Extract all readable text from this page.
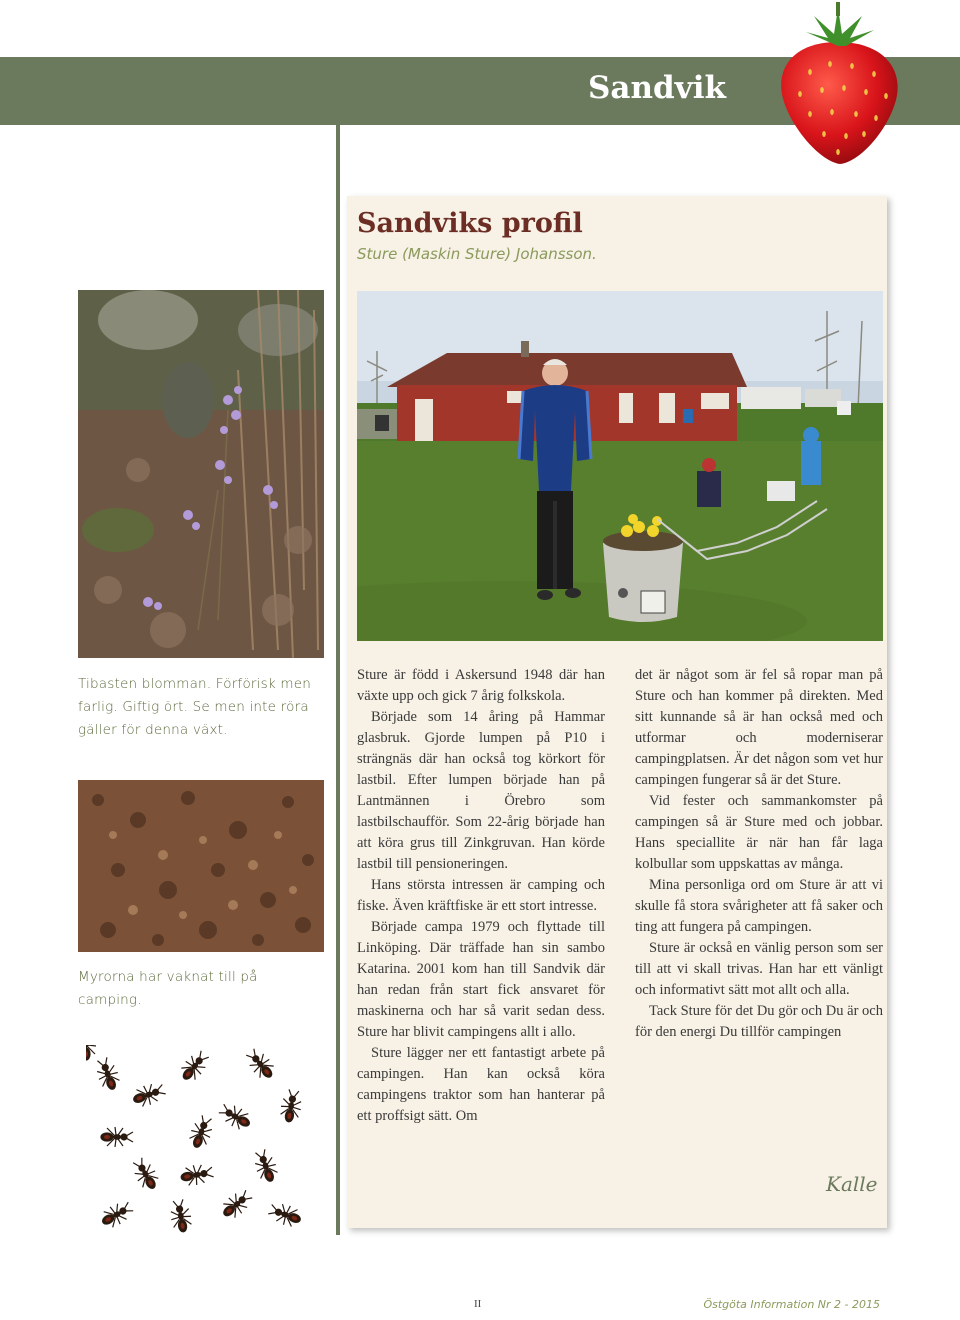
Sandvik
Sandviks profil

Sture (Maskin Sture) Johansson.

Tibasten blomman. Förförisk men farlig. Giftig ört. Se men inte röra gäller för denna växt.

Myrorna har vaknat till på camping.

Sture är född i Askersund 1948 där han växte upp och gick 7 årig folkskola.

Började som 14 åring på Hammar glasbruk. Gjorde lumpen på P10 i strängnäs där han också tog körkort för lastbil. Efter lumpen började han på Lantmännen i Örebro som lastbilschaufför. Som 22-årig började han att köra grus till Zinkgruvan. Han körde lastbil till pensioneringen.

Hans största intressen är camping och fiske. Även kräftfiske är ett stort intresse.

Började campa 1979 och flyttade till Linköping. Där träffade han sin sambo Katarina. 2001 kom han till Sandvik där han redan från start fick ansvaret för maskinerna och har så varit sedan dess. Sture har blivit campingens allt i allo.

Sture lägger ner ett fantastigt arbete på campingen. Han kan också köra campingens traktor som han hanterar på ett proffsigt sätt. Om

det är något som är fel så ropar man på Sture och han kommer på direkten. Med sitt kunnande så är han också med och utformar och moderniserar campingplatsen. Är det någon som vet hur campingen fungerar så är det Sture.

Vid fester och sammankomster på campingen så är Sture med och jobbar. Hans speciallite är när han får laga kolbullar som uppskattas av många.

Mina personliga ord om Sture är att vi skulle få stora svårigheter att få saker och ting att fungera på campingen.

Sture är också en vänlig person som ser till att vi skall trivas. Han har ett vänligt och informativt sätt mot allt och alla.

Tack Sture för det Du gör och Du är och för den energi Du tillför campingen

Kalle

II	Östgöta Information Nr 2 - 2015
